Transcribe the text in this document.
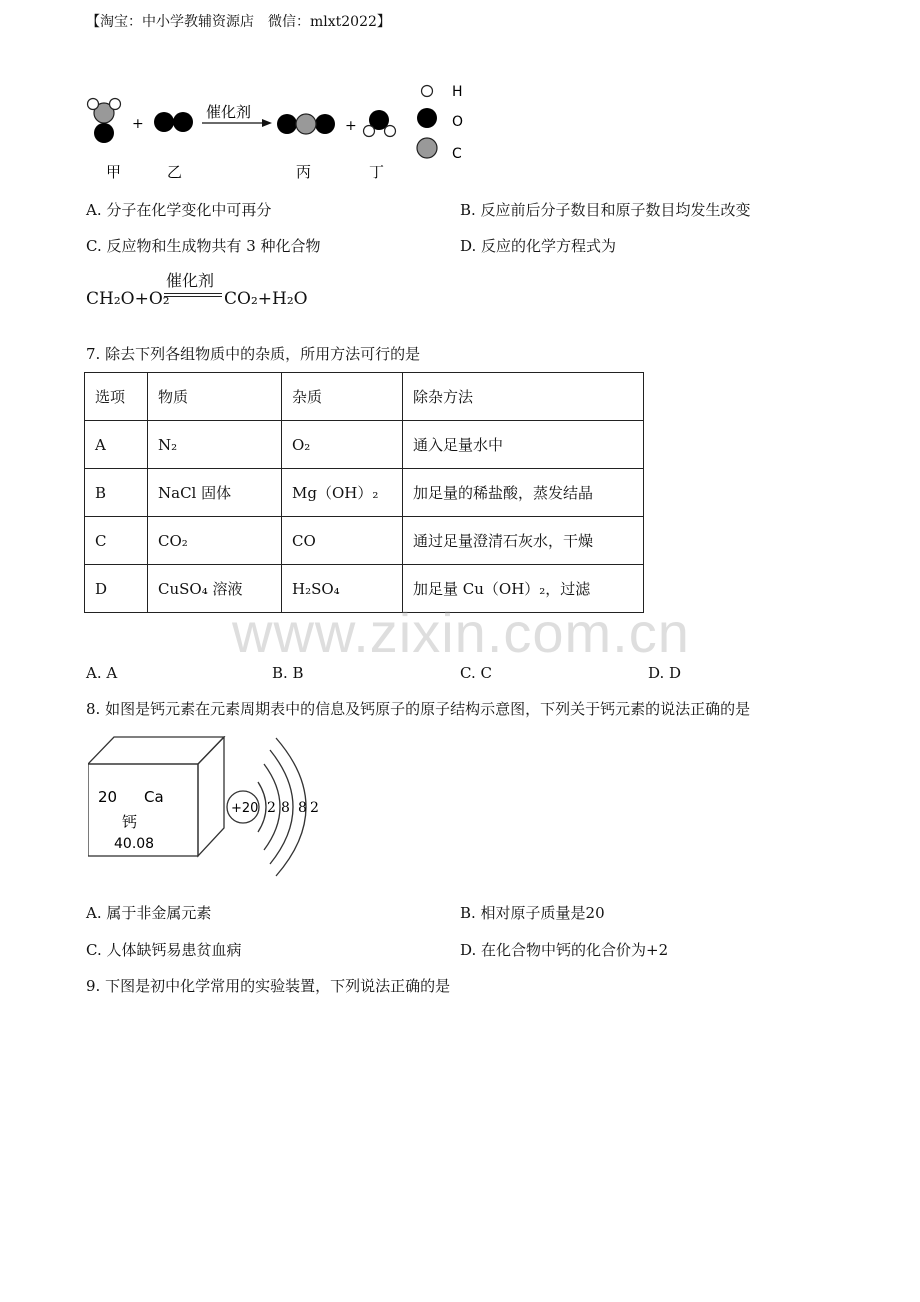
【淘宝：中小学教辅资源店　微信：mlxt2022】
+
催化剂
+
H
O
C
甲	乙	丙	丁
A. 分子在化学变化中可再分	B. 反应前后分子数目和原子数目均发生改变
C. 反应物和生成物共有 3 种化合物	D. 反应的化学方程式为
CH₂O+O₂
催化剂
CO₂+H₂O
7. 除去下列各组物质中的杂质，所用方法可行的是
选项	物质	杂质	除杂方法
A	N₂	O₂	通入足量水中
B	NaCl 固体	Mg（OH）₂	加足量的稀盐酸，蒸发结晶
C	CO₂	CO	通过足量澄清石灰水，干燥
D	CuSO₄ 溶液	H₂SO₄	加足量 Cu（OH）₂，过滤
www.zixin.com.cn
A. A	B. B	C. C	D. D
8. 如图是钙元素在元素周期表中的信息及钙原子的原子结构示意图，下列关于钙元素的说法正确的是
20 Ca
钙
40.08
+20 2 8 8 2
A. 属于非金属元素	B. 相对原子质量是20
C. 人体缺钙易患贫血病	D. 在化合物中钙的化合价为+2
9. 下图是初中化学常用的实验装置，下列说法正确的是
